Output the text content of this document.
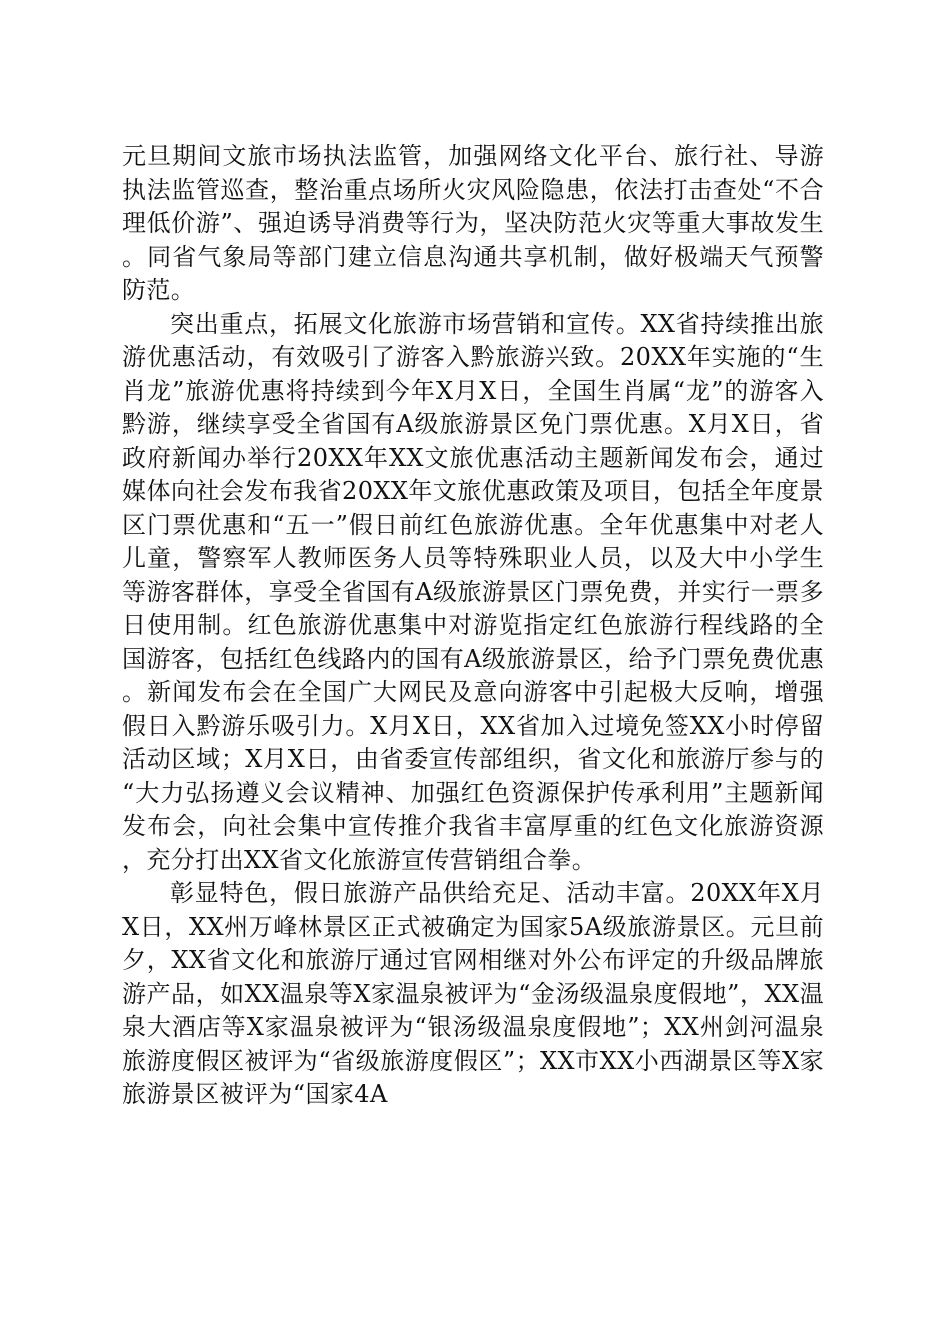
元旦期间文旅市场执法监管，加强网络文化平台、旅行社、导游执法监管巡查，整治重点场所火灾风险隐患，依法打击查处“不合理低价游”、强迫诱导消费等行为，坚决防范火灾等重大事故发生。同省气象局等部门建立信息沟通共享机制，做好极端天气预警防范。

突出重点，拓展文化旅游市场营销和宣传。XX省持续推出旅游优惠活动，有效吸引了游客入黔旅游兴致。20XX年实施的“生肖龙”旅游优惠将持续到今年X月X日，全国生肖属“龙”的游客入黔游，继续享受全省国有A级旅游景区免门票优惠。X月X日，省政府新闻办举行20XX年XX文旅优惠活动主题新闻发布会，通过媒体向社会发布我省20XX年文旅优惠政策及项目，包括全年度景区门票优惠和“五一”假日前红色旅游优惠。全年优惠集中对老人儿童，警察军人教师医务人员等特殊职业人员，以及大中小学生等游客群体，享受全省国有A级旅游景区门票免费，并实行一票多日使用制。红色旅游优惠集中对游览指定红色旅游行程线路的全国游客，包括红色线路内的国有A级旅游景区，给予门票免费优惠。新闻发布会在全国广大网民及意向游客中引起极大反响，增强假日入黔游乐吸引力。X月X日，XX省加入过境免签XX小时停留活动区域；X月X日，由省委宣传部组织，省文化和旅游厅参与的“大力弘扬遵义会议精神、加强红色资源保护传承利用”主题新闻发布会，向社会集中宣传推介我省丰富厚重的红色文化旅游资源，充分打出XX省文化旅游宣传营销组合拳。

彰显特色，假日旅游产品供给充足、活动丰富。20XX年X月X日，XX州万峰林景区正式被确定为国家5A级旅游景区。元旦前夕，XX省文化和旅游厅通过官网相继对外公布评定的升级品牌旅游产品，如XX温泉等X家温泉被评为“金汤级温泉度假地”，XX温泉大酒店等X家温泉被评为“银汤级温泉度假地”；XX州剑河温泉旅游度假区被评为“省级旅游度假区”；XX市XX小西湖景区等X家旅游景区被评为“国家4A
